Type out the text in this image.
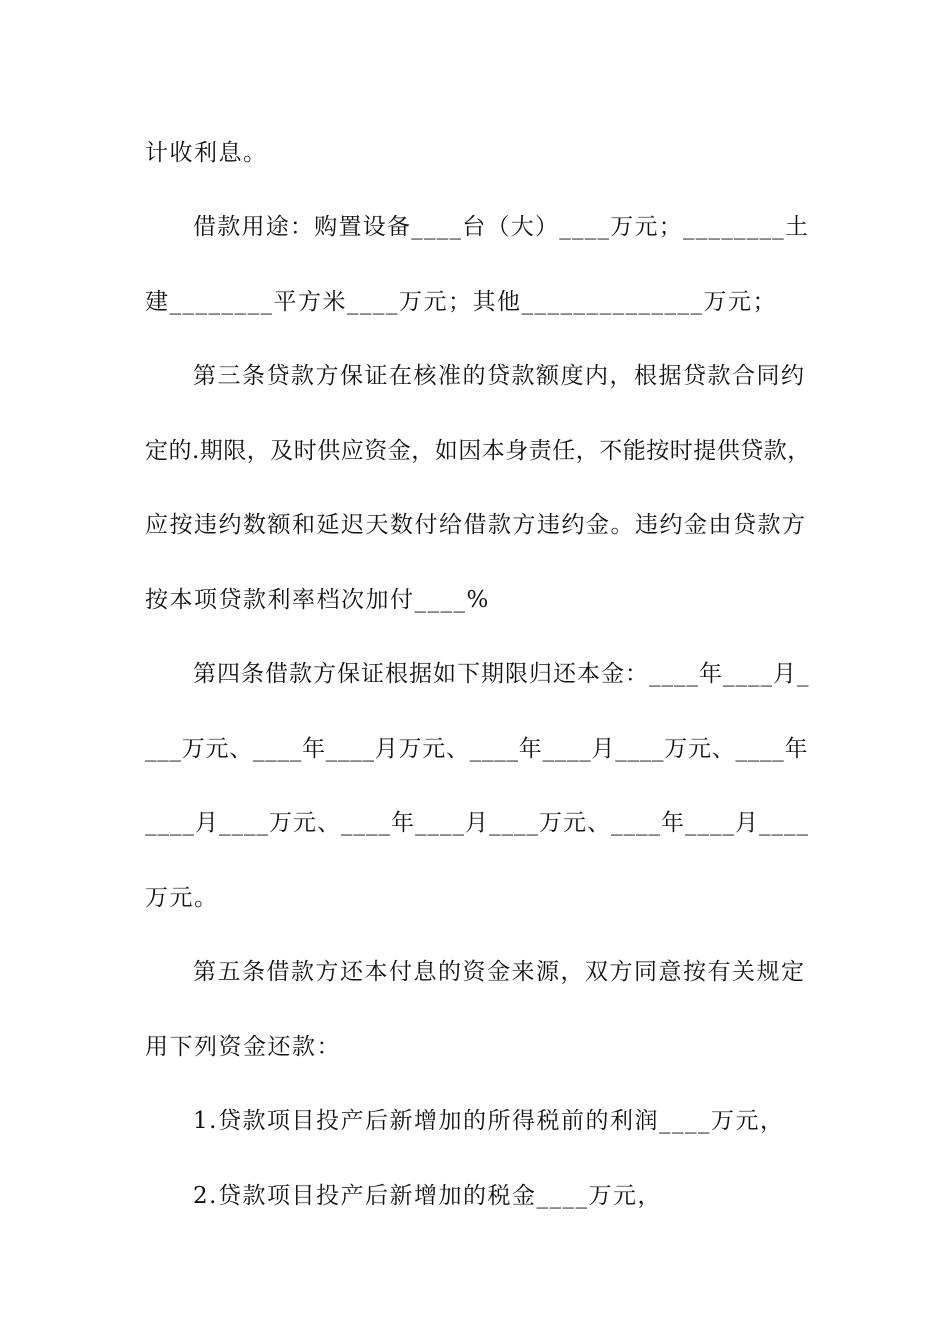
计收利息。
借款用途：购置设备____台（大）____万元；________土
建________平方米____万元；其他______________万元；
第三条贷款方保证在核准的贷款额度内，根据贷款合同约
定的.期限，及时供应资金，如因本身责任，不能按时提供贷款，
应按违约数额和延迟天数付给借款方违约金。违约金由贷款方
按本项贷款利率档次加付____%
第四条借款方保证根据如下期限归还本金：____年____月_
___万元、____年____月万元、____年____月____万元、____年
____月____万元、____年____月____万元、____年____月____
万元。
第五条借款方还本付息的资金来源，双方同意按有关规定
用下列资金还款：
1.贷款项目投产后新增加的所得税前的利润____万元，
2.贷款项目投产后新增加的税金____万元，
